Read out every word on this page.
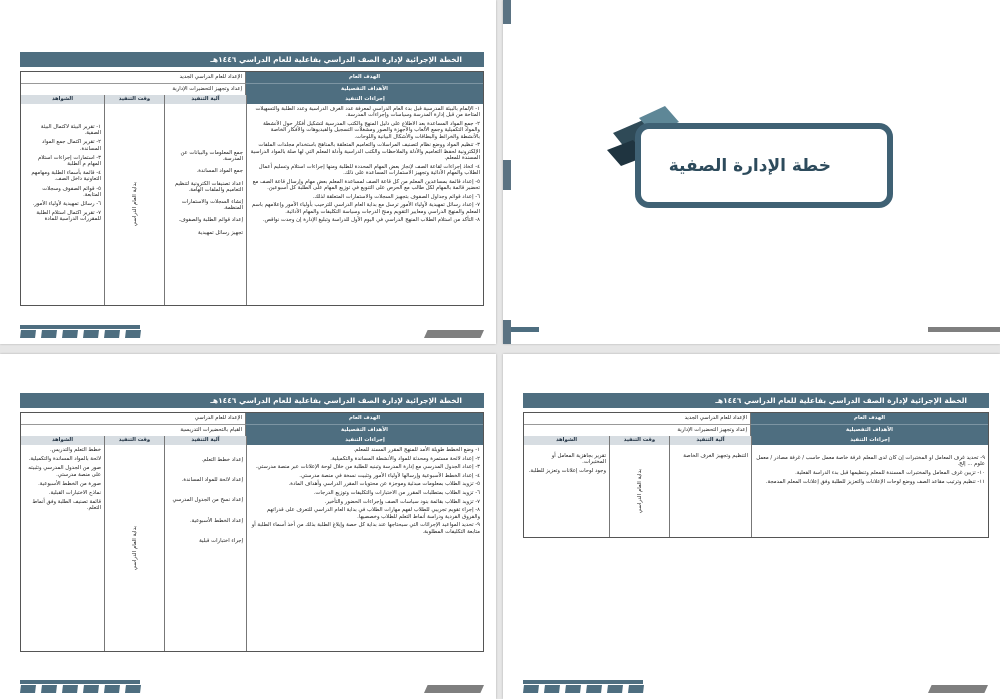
الخطة الإجرائية لإدارة الصف الدراسي بفاعلية للعام الدراسي ١٤٤٦هـ
الهدف العام
الأهداف التفصيلية
الإعداد للعام الدراسي الجديد
إعداد وتجهيز التحضيرات الإدارية
إجراءات التنفيذ
آلية التنفيذ
وقت التنفيذ
الشواهد
١- الإلمام بالبيئة المدرسية قبل بدء العام الدراسي لمعرفة عدد الغرف الدراسية وعدد الطلبة والتسهيلات المتاحة من قبل إدارة المدرسة وسياسات وإجراءات المدرسة.
٢- جمع المواد المساعدة بعد الاطلاع على دليل المنهج والكتب المدرسية لتشكيل أفكار حول الأنشطة والمواد التكميلية وجمع الألعاب والأجهزة والصور ومشغلات التسجيل والفيديوهات والأفكار الخاصة بالأنشطة والخرائط والبطاقات والأشكال البيانية واللوحات.
٣- تنظيم المواد ووضع نظام لتصنيف المراسلات والتعاميم المتعلقة بالمناهج باستخدام مجلدات الملفات الإلكترونية لحفظ التعاميم والأدلة والملاحظات والكتب الدراسية وأدلة المعلم التي لها صلة بالمواد الدراسية المسندة للمعلم.
٤- اتخاذ إجراءات لقاعة الصف لإنجاز بعض المهام المحددة للطلبة ومنها إجراءات استلام وتسليم أعمال الطلاب والمهام الأدائية وتجهيز الاستمارات المساعدة على ذلك.
٥- إعداد قائمة بمساعدين المعلم من كل قاعة الصف لمساعدة المعلم بعض مهام وإرسال قاعة الصف مع تحضير قائمة بالمهام لكل طالب مع الحرص على التنويع في توزيع المهام على الطلبة كل أسبوعين.
٦- إعداد قوائم وجداول الصفوف بتجهيز السجلات والاستمارات المتعلقة لذلك.
٧- إعداد رسائل تمهيدية لأولياء الأمور ترسل مع بداية العام الدراسي للترحيب بأولياء الأمور وإعلامهم باسم المعلم والمنهج الدراسي ومعايير التقويم ومنح الدرجات وسياسة التكليفات والمهام الأدائية.
٨- التأكد من استلام الطلاب المنهج الدراسي في اليوم الأول للدراسة وتبليغ الإدارة إن وجدت نواقص.
جمع المعلومات والبيانات عن المدرسة.
جمع المواد المساندة.
اعداد تصنيفات الكترونية لتنظيم التعاميم والملفات الهامة.
إنشاء السجلات والاستمارات المنظمة.
إعداد قوائم الطلبة والصفوف.
تجهيز رسائل تمهيدية
بداية العام الدراسي
١- تقرير البيئة لاكتمال البيئة الصفية.
٢- تقرير اكتمال جمع المواد المساندة.
٣- استمارات إجراءات استلام المهام م الطلبة
٤- قائمة بأسماء الطلبة ومهامهم التعاونية داخل الصف.
٥- قوائم الصفوف وسجلات المتابعة.
٦- رسائل تمهيدية لأولياء الأمور.
٧- تقرير اكتمال استلام الطلبة للمقررات الدراسية للمادة
خطة الإدارة الصفية
الخطة الإجرائية لإدارة الصف الدراسي بفاعلية للعام الدراسي ١٤٤٦هـ
الهدف العام
الأهداف التفصيلية
الإعداد للعام الدراسي
القيام بالتحضيرات التدريسية
إجراءات التنفيذ
آلية التنفيذ
وقت التنفيذ
الشواهد
١- وضع الخطط طويلة الأمد للمنهج المقرر المسند للمعلم.
٢- إعداد لائحة مستمرة ومحدثة للمواد والأنشطة المساندة والتكميلية.
٣- إعداد الجدول المدرسي مع إدارة المدرسة وتبنيه للطلبة من خلال لوحة الإعلانات عبر منصة مدرستي.
٤- إعداد الخطط الأسبوعية وإرسالها لأولياء الأمور وتثبيت نسخة في منصة مدرستي.
٥- تزويد الطلاب بمعلومات مبدئية وموجزة عن محتويات المقرر الدراسي وأهداف المادة.
٦- تزويد الطلاب بمتطلبات المقرر من الاختبارات والتكليفات وتوزيع الدرجات.
٧- تزويد الطلاب بقائمة بنود سياسات الصف وإجراءات الحضور والتأخير.
٨- إجراء تقويم تجريبي للطلاب لفهم مهارات الطلاب في بداية العام الدراسي للتعرف على قدراتهم والفروق الفردية ودراسة أنماط التعلم للطلاب وخصصيها.
٩- تحديد المواعيد الإجرائات التي سيحتاجها عند بداية كل حصة وإبلاغ الطلبة بذلك من أخذ أسماء الطلبة أو متابعة التكليفات المطلوبة.
إعداد خطط التعلم.
إعداد لائحة للمواد المساندة.
إعداد نسخ من الجدول المدرسي
إعداد الخطط الأسبوعية.
إجراء اختبارات قبلية
بداية العام الدراسي
خطط التعلم والتدريس.
لائحة بالمواد المساندة والتكميلية.
صور من الجدول المدرسي وتثبيته على منصة مدرستي.
صورة من الخطط الأسبوعية.
نماذج الاختبارات القبلية.
قائمة تصنيف الطلبة وفق أنماط التعلم.
الخطة الإجرائية لإدارة الصف الدراسي بفاعلية للعام الدراسي ١٤٤٦هـ
الهدف العام
الأهداف التفصيلية
الإعداد للعام الدراسي الجديد
إعداد وتجهيز التحضيرات الإدارية
إجراءات التنفيذ
آلية التنفيذ
وقت التنفيذ
الشواهد
٩- تحديد غرف المعامل او المختبرات إن كان لدى المعلم غرفة خاصة معمل حاسب / غرفة مصادر / معمل علوم ... إلخ.
١٠- تزيين غرف المعامل والمختبرات المسندة للمعلم وتنظيمها قبل بدء الدراسة الفعلية.
١١- تنظيم وترتيب مقاعد الصف ووضع لوحات الإعلانات والتعزيز للطلبة وفق إعلانات المعلم المدمجة.
التنظيم وتجهيز الغرف الخاصة
بداية العام الدراسي
تقرير بجاهزية المعامل أو المختبرات.
وجود لوحات إعلانات وتعزيز للطلبة.
